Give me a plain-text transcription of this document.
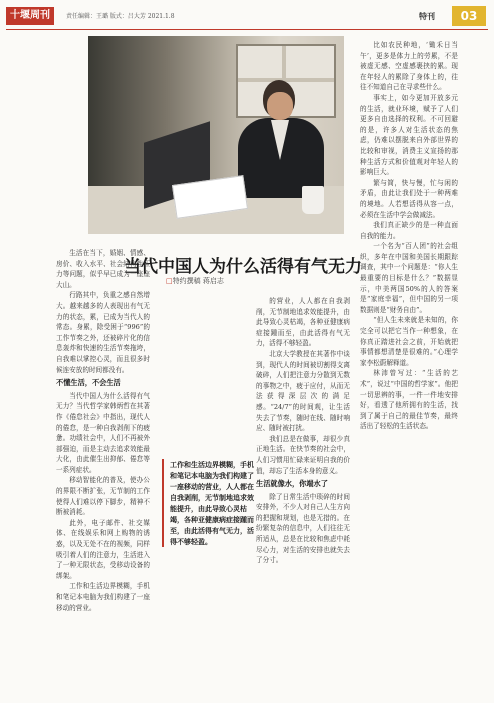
十堰周刊	责任编辑：王璐 版式：吕大芳 2021.1.8	特刊	03
当代中国人为什么活得有气无力
□特约撰稿 蒋启志

生活在当下，婚姻、情感、房价、收入水平、社会结构性压力等问题，似乎早已成为一座座大山。

行路其中，负重之感自然增大。越来越多的人表现出有气无力的状态，累，已成为当代人的常态。身累，除受困于“996”的工作节奏之外，还被碎片化的信息轰炸和快速的生活节奏拖垮，自我难以掌控心灵，而且很多时候连安放的时间都没有。

不懂生活，不会生活

当代中国人为什么活得有气无力？当代哲学家韩炳哲在其著作《倦怠社会》中指出，现代人的倦怠，是一种自我剥削下的疲惫。功绩社会中，人们不再被外部强迫，而是主动去追求效能最大化，由此催生出抑郁、倦怠等一系列症状。

移动智能化的普及，使办公的界限不断扩张，无节制的工作使得人们难以停下脚步，精神不断被消耗。

此外，电子邮件、社交媒体、在线娱乐和网上购物的诱惑，以及无处不在的视频，同样吸引着人们的注意力，生活进入了一种无限状态，受移动设备的绑架。

工作和生活边界模糊，手机和笔记本电脑为我们构建了一座移动的营业。

工作和生活边界模糊，手机和笔记本电脑为我们构建了一座移动的营业，人人都在自我剥削，无节制地追求效能提升，由此导致心灵枯竭，各种亚健康病症接踵而至，由此活得有气无力，活得不够轻盈。

的营业，人人都在自我剥削，无节制地追求效能提升，由此导致心灵枯竭，各种亚健康病症接踵而至，由此活得有气无力，活得不够轻盈。

北京大学教授在其著作中谈到，现代人的时间被切割得支离破碎，人们把注意力分散到无数的事物之中，疲于应付，从而无法获得深层次的满足感。“24/7”的时间观，让生活失去了节奏，随时在线、随时响应、随时被打扰。

我们总是在做事，却很少真正地生活。在快节奏的社会中，人们习惯用忙碌来证明自我的价值，却忘了生活本身的意义。

生活就像水，你端水了

除了日常生活中琐碎的时间安排外，不少人对自己人生方向的把握和规划，也是无措的。在纷繁复杂的信息中，人们往往无所适从，总是在比较和焦虑中耗尽心力，对生活的安排也就失去了分寸。

比如农民种地，‘锄禾日当午’，更多是体力上的劳累，不是被虚无感、空虚感裹挟的累。现在年轻人的累除了身体上的，往往不知道自己在寻求些什么。

事实上，如今更加开放多元的生活，就业环境，赋予了人们更多自由选择的权利。不可回避的是，许多人对生活状态的焦虑，仍难以摆脱来自外部世界的比较和审视，消费主义宣扬的那种生活方式和价值观对年轻人的影响巨大。

繁与简，快与慢，忙与闲的矛盾，由此让我们处于一种两难的境地。人若想活得从容一点，必须在生活中学会做减法。

我们真正缺少的是一种直面自我的能力。

一个名为“百人团”的社会组织，多年在中国和美国长期跟踪调查，其中一个问题是：“你人生最重要的目标是什么？”数据显示，中美两国50%的人的答案是“家庭幸福”，但中国的另一项数据则是“财务自由”。

“但人生未来就是未知的，你完全可以把它当作一种想象，在你真正踏进社会之前，开始就把事情都想清楚是很难的。”心理学家李松蔚解释道。

林沛曾写过：“生活的艺术”，说过“中国的哲学家”。他把一切思辨的事，一件一件地安排好，看透了他所拥有的生活，找到了属于自己的最佳节奏，最终活出了轻松的生活状态。
